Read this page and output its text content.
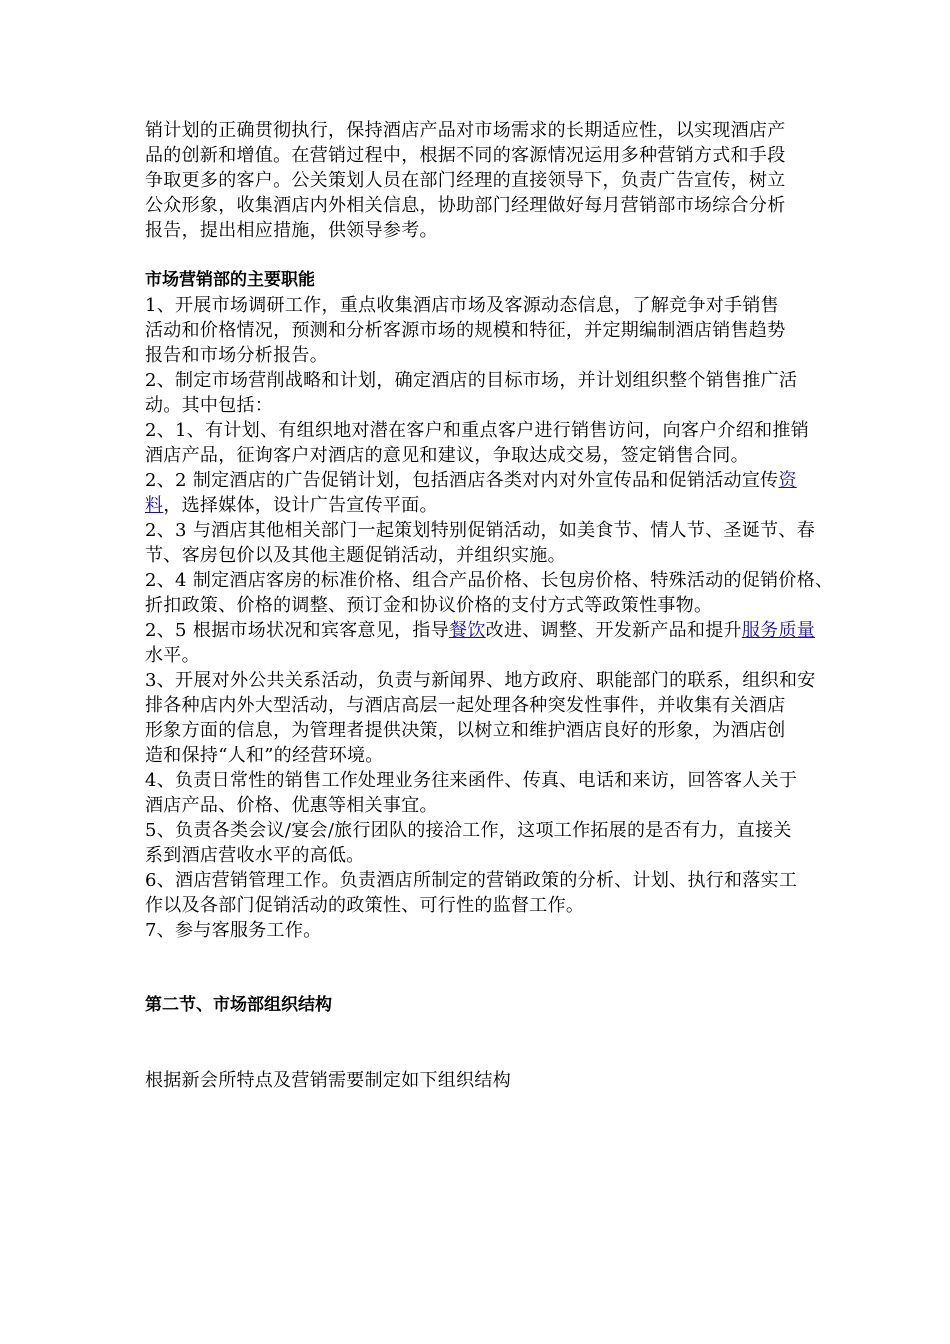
销计划的正确贯彻执行，保持酒店产品对市场需求的长期适应性，以实现酒店产
品的创新和增值。在营销过程中，根据不同的客源情况运用多种营销方式和手段
争取更多的客户。公关策划人员在部门经理的直接领导下，负责广告宣传，树立
公众形象，收集酒店内外相关信息，协助部门经理做好每月营销部市场综合分析
报告，提出相应措施，供领导参考。
市场营销部的主要职能
1、开展市场调研工作，重点收集酒店市场及客源动态信息，了解竞争对手销售
活动和价格情况，预测和分析客源市场的规模和特征，并定期编制酒店销售趋势
报告和市场分析报告。
2、制定市场营削战略和计划，确定酒店的目标市场，并计划组织整个销售推广活
动。其中包括：
2、1、有计划、有组织地对潜在客户和重点客户进行销售访问，向客户介绍和推销
酒店产品，征询客户对酒店的意见和建议，争取达成交易，签定销售合同。
2、2 制定酒店的广告促销计划，包括酒店各类对内对外宣传品和促销活动宣传资
料，选择媒体，设计广告宣传平面。
2、3 与酒店其他相关部门一起策划特别促销活动，如美食节、情人节、圣诞节、春
节、客房包价以及其他主题促销活动，并组织实施。
2、4 制定酒店客房的标准价格、组合产品价格、长包房价格、特殊活动的促销价格、
折扣政策、价格的调整、预订金和协议价格的支付方式等政策性事物。
2、5 根据市场状况和宾客意见，指导餐饮改进、调整、开发新产品和提升服务质量
水平。
3、开展对外公共关系活动，负责与新闻界、地方政府、职能部门的联系，组织和安
排各种店内外大型活动，与酒店高层一起处理各种突发性事件，并收集有关酒店
形象方面的信息，为管理者提供决策，以树立和维护酒店良好的形象，为酒店创
造和保持“人和”的经营环境。
4、负责日常性的销售工作处理业务往来函件、传真、电话和来访，回答客人关于
酒店产品、价格、优惠等相关事宜。
5、负责各类会议/宴会/旅行团队的接洽工作，这项工作拓展的是否有力，直接关
系到酒店营收水平的高低。
6、酒店营销管理工作。负责酒店所制定的营销政策的分析、计划、执行和落实工
作以及各部门促销活动的政策性、可行性的监督工作。
7、参与客服务工作。
第二节、市场部组织结构
根据新会所特点及营销需要制定如下组织结构
